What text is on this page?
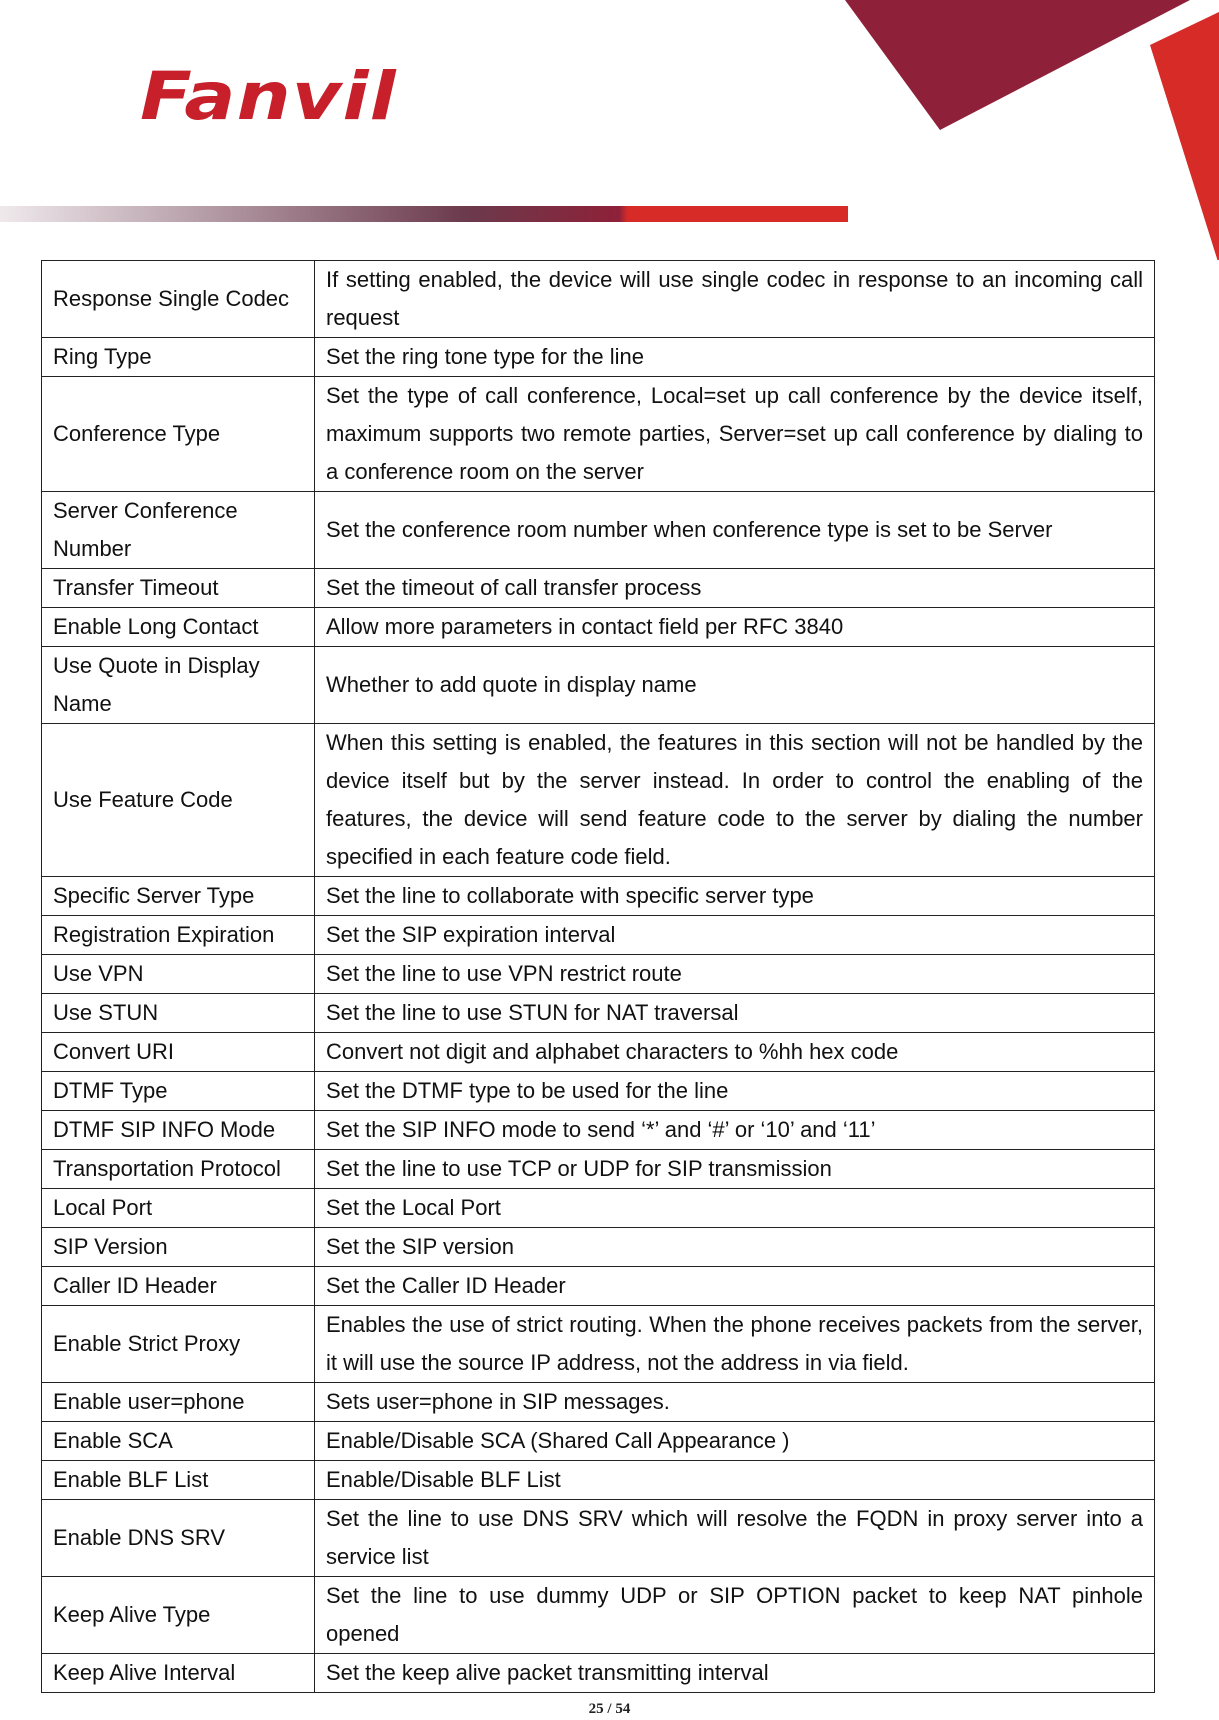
Fanvil
Response Single Codec	If setting enabled, the device will use single codec in response to an incoming call request
Ring Type	Set the ring tone type for the line
Conference Type	Set the type of call conference, Local=set up call conference by the device itself, maximum supports two remote parties, Server=set up call conference by dialing to a conference room on the server
Server Conference Number	Set the conference room number when conference type is set to be Server
Transfer Timeout	Set the timeout of call transfer process
Enable Long Contact	Allow more parameters in contact field per RFC 3840
Use Quote in Display Name	Whether to add quote in display name
Use Feature Code	When this setting is enabled, the features in this section will not be handled by the device itself but by the server instead. In order to control the enabling of the features, the device will send feature code to the server by dialing the number specified in each feature code field.
Specific Server Type	Set the line to collaborate with specific server type
Registration Expiration	Set the SIP expiration interval
Use VPN	Set the line to use VPN restrict route
Use STUN	Set the line to use STUN for NAT traversal
Convert URI	Convert not digit and alphabet characters to %hh hex code
DTMF Type	Set the DTMF type to be used for the line
DTMF SIP INFO Mode	Set the SIP INFO mode to send ‘*’ and ‘#’ or ‘10’ and ‘11’
Transportation Protocol	Set the line to use TCP or UDP for SIP transmission
Local Port	Set the Local Port
SIP Version	Set the SIP version
Caller ID Header	Set the Caller ID Header
Enable Strict Proxy	Enables the use of strict routing. When the phone receives packets from the server, it will use the source IP address, not the address in via field.
Enable user=phone	Sets user=phone in SIP messages.
Enable SCA	Enable/Disable SCA (Shared Call Appearance )
Enable BLF List	Enable/Disable BLF List
Enable DNS SRV	Set the line to use DNS SRV which will resolve the FQDN in proxy server into a service list
Keep Alive Type	Set the line to use dummy UDP or SIP OPTION packet to keep NAT pinhole opened
Keep Alive Interval	Set the keep alive packet transmitting interval
25 / 54
